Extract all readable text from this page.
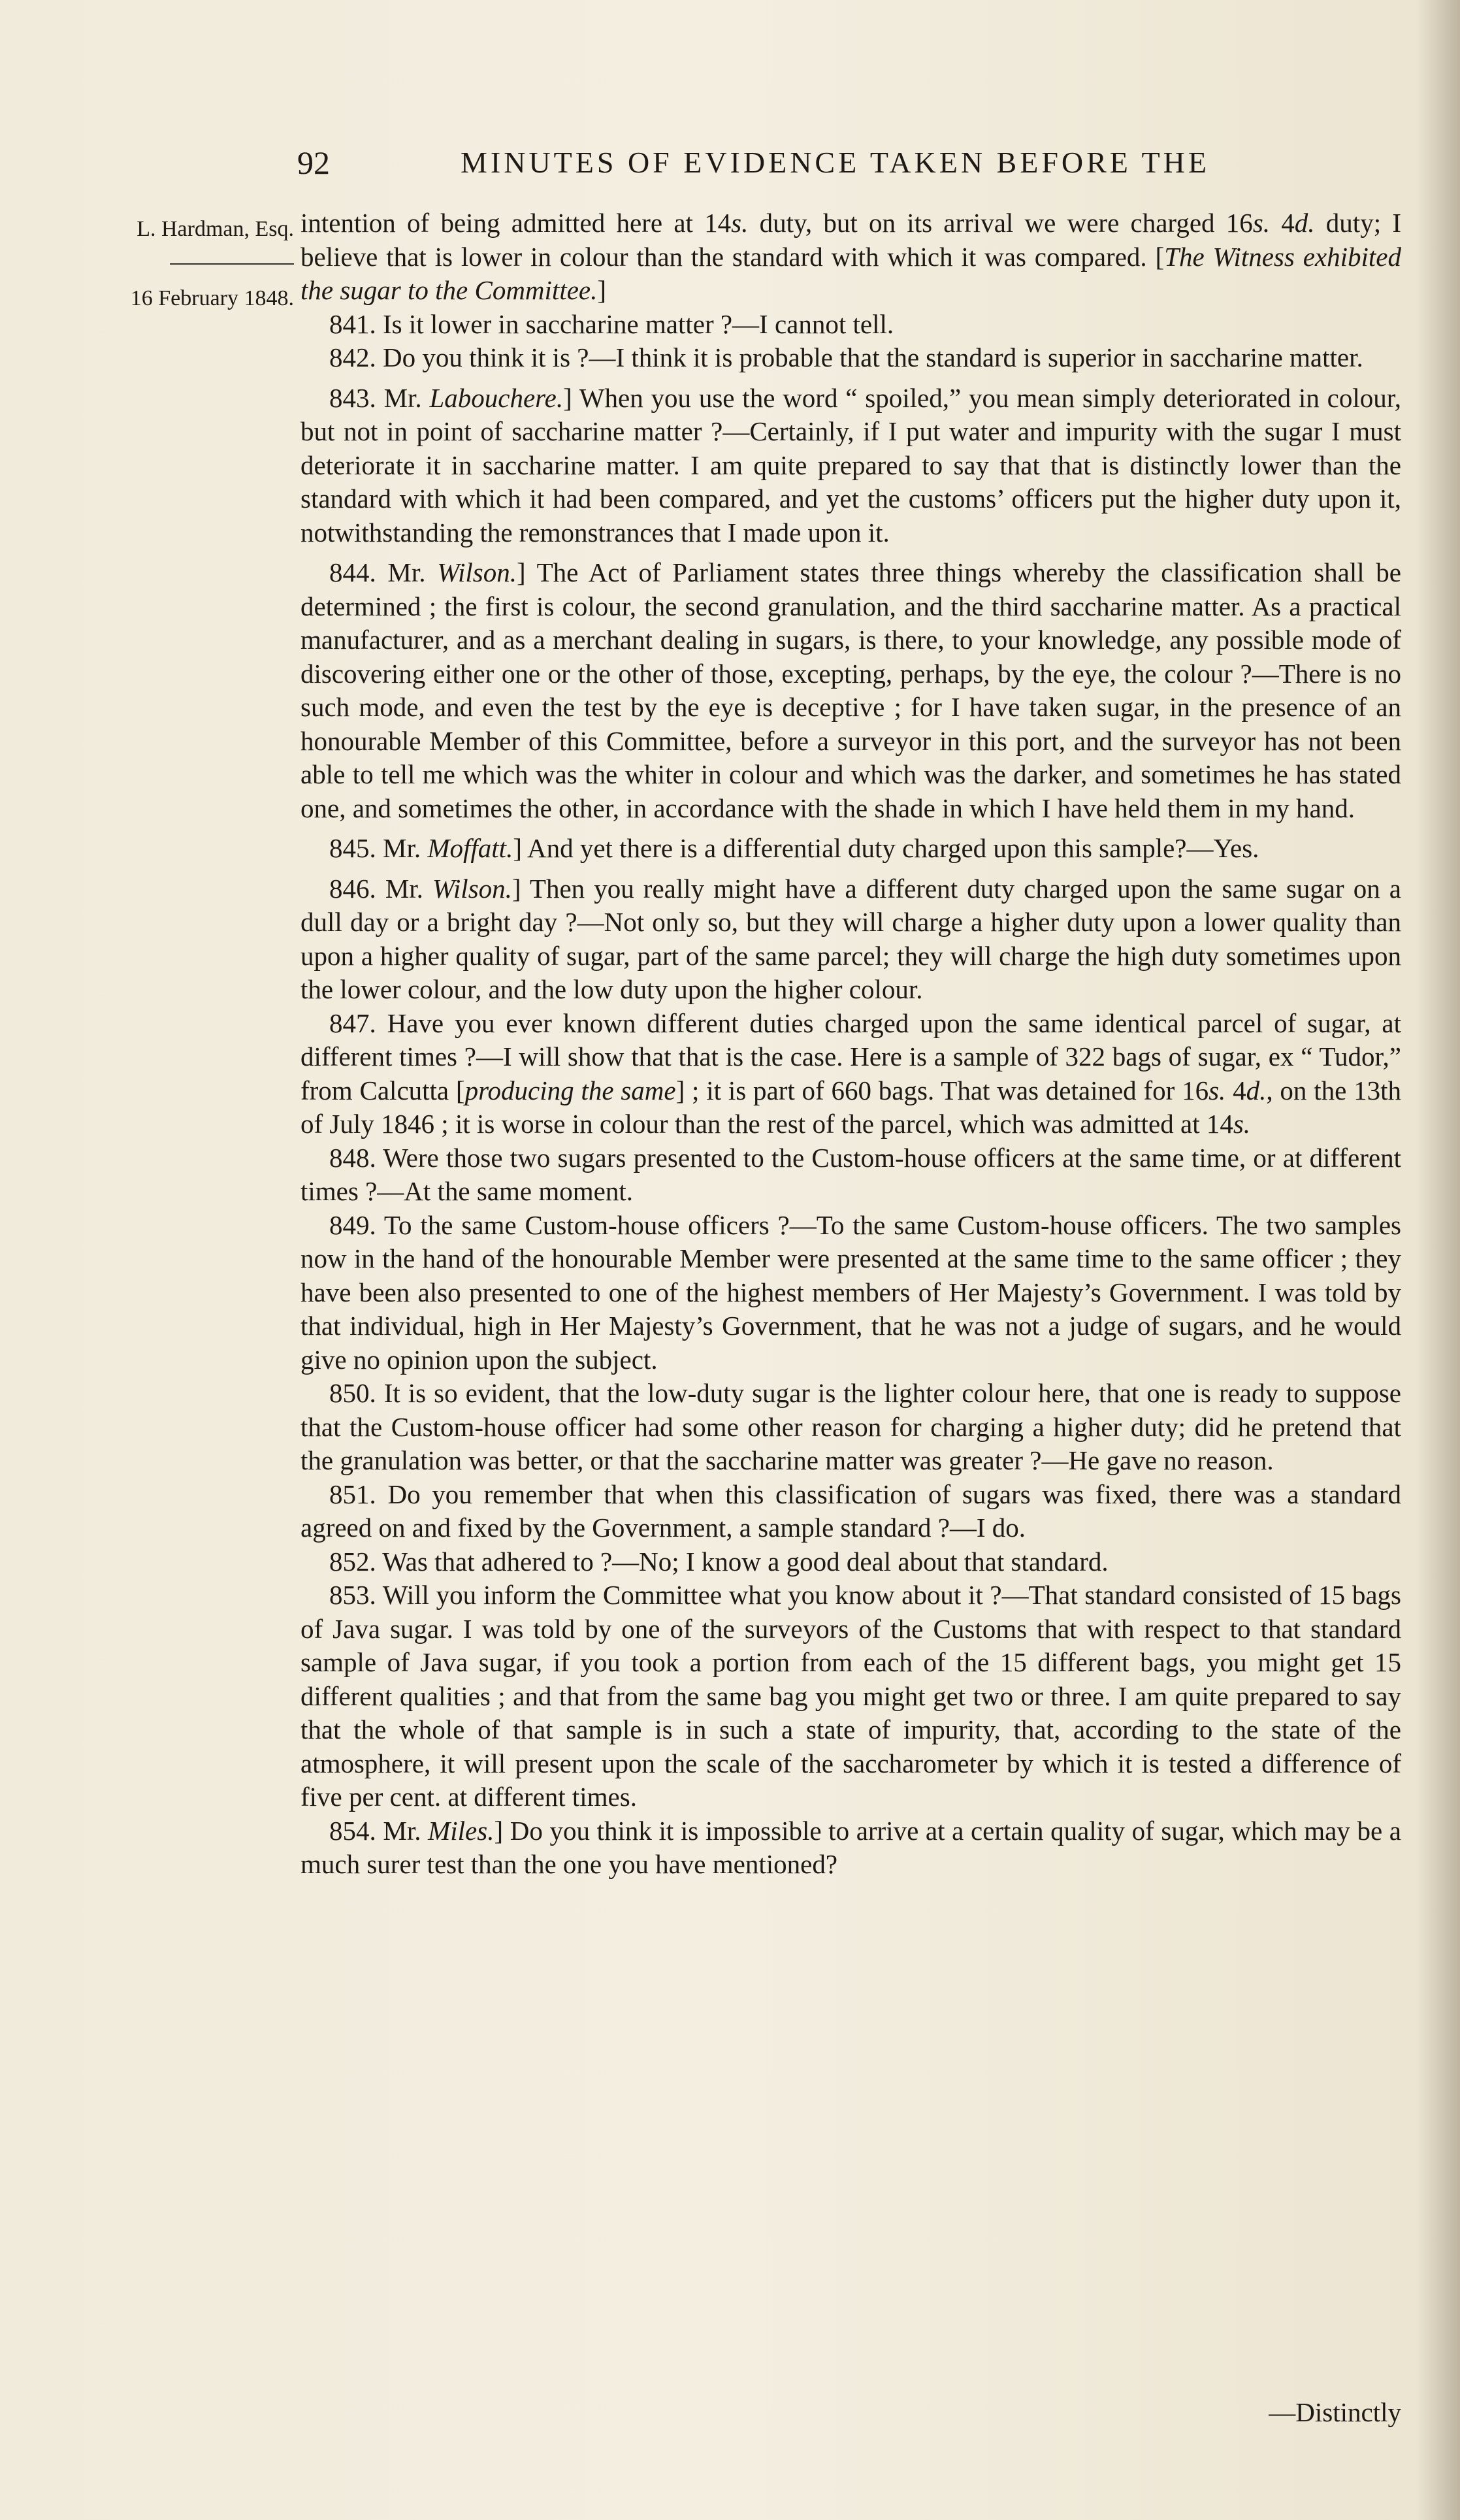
92	MINUTES OF EVIDENCE TAKEN BEFORE THE
L. Hardman, Esq.
16 February 1848.

intention of being admitted here at 14s. duty, but on its arrival we were charged 16s. 4d. duty; I believe that is lower in colour than the standard with which it was compared. [The Witness exhibited the sugar to the Committee.]

841. Is it lower in saccharine matter ?—I cannot tell.

842. Do you think it is ?—I think it is probable that the standard is superior in saccharine matter.

843. Mr. Labouchere.] When you use the word “ spoiled,” you mean simply deteriorated in colour, but not in point of saccharine matter ?—Certainly, if I put water and impurity with the sugar I must deteriorate it in saccharine matter. I am quite prepared to say that that is distinctly lower than the standard with which it had been compared, and yet the customs’ officers put the higher duty upon it, notwithstanding the remonstrances that I made upon it.

844. Mr. Wilson.] The Act of Parliament states three things whereby the classification shall be determined ; the first is colour, the second granulation, and the third saccharine matter. As a practical manufacturer, and as a merchant dealing in sugars, is there, to your knowledge, any possible mode of discovering either one or the other of those, excepting, perhaps, by the eye, the colour ?—There is no such mode, and even the test by the eye is deceptive ; for I have taken sugar, in the presence of an honourable Member of this Committee, before a surveyor in this port, and the surveyor has not been able to tell me which was the whiter in colour and which was the darker, and sometimes he has stated one, and sometimes the other, in accordance with the shade in which I have held them in my hand.

845. Mr. Moffatt.] And yet there is a differential duty charged upon this sample?—Yes.

846. Mr. Wilson.] Then you really might have a different duty charged upon the same sugar on a dull day or a bright day ?—Not only so, but they will charge a higher duty upon a lower quality than upon a higher quality of sugar, part of the same parcel; they will charge the high duty sometimes upon the lower colour, and the low duty upon the higher colour.

847. Have you ever known different duties charged upon the same identical parcel of sugar, at different times ?—I will show that that is the case. Here is a sample of 322 bags of sugar, ex “ Tudor,” from Calcutta [producing the same] ; it is part of 660 bags. That was detained for 16s. 4d., on the 13th of July 1846 ; it is worse in colour than the rest of the parcel, which was admitted at 14s.

848. Were those two sugars presented to the Custom-house officers at the same time, or at different times ?—At the same moment.

849. To the same Custom-house officers ?—To the same Custom-house officers. The two samples now in the hand of the honourable Member were presented at the same time to the same officer ; they have been also presented to one of the highest members of Her Majesty’s Government. I was told by that individual, high in Her Majesty’s Government, that he was not a judge of sugars, and he would give no opinion upon the subject.

850. It is so evident, that the low-duty sugar is the lighter colour here, that one is ready to suppose that the Custom-house officer had some other reason for charging a higher duty; did he pretend that the granulation was better, or that the saccharine matter was greater ?—He gave no reason.

851. Do you remember that when this classification of sugars was fixed, there was a standard agreed on and fixed by the Government, a sample standard ?—I do.

852. Was that adhered to ?—No; I know a good deal about that standard.

853. Will you inform the Committee what you know about it ?—That standard consisted of 15 bags of Java sugar. I was told by one of the surveyors of the Customs that with respect to that standard sample of Java sugar, if you took a portion from each of the 15 different bags, you might get 15 different qualities ; and that from the same bag you might get two or three. I am quite prepared to say that the whole of that sample is in such a state of impurity, that, according to the state of the atmosphere, it will present upon the scale of the saccharometer by which it is tested a difference of five per cent. at different times.

854. Mr. Miles.] Do you think it is impossible to arrive at a certain quality of sugar, which may be a much surer test than the one you have mentioned?

—Distinctly
